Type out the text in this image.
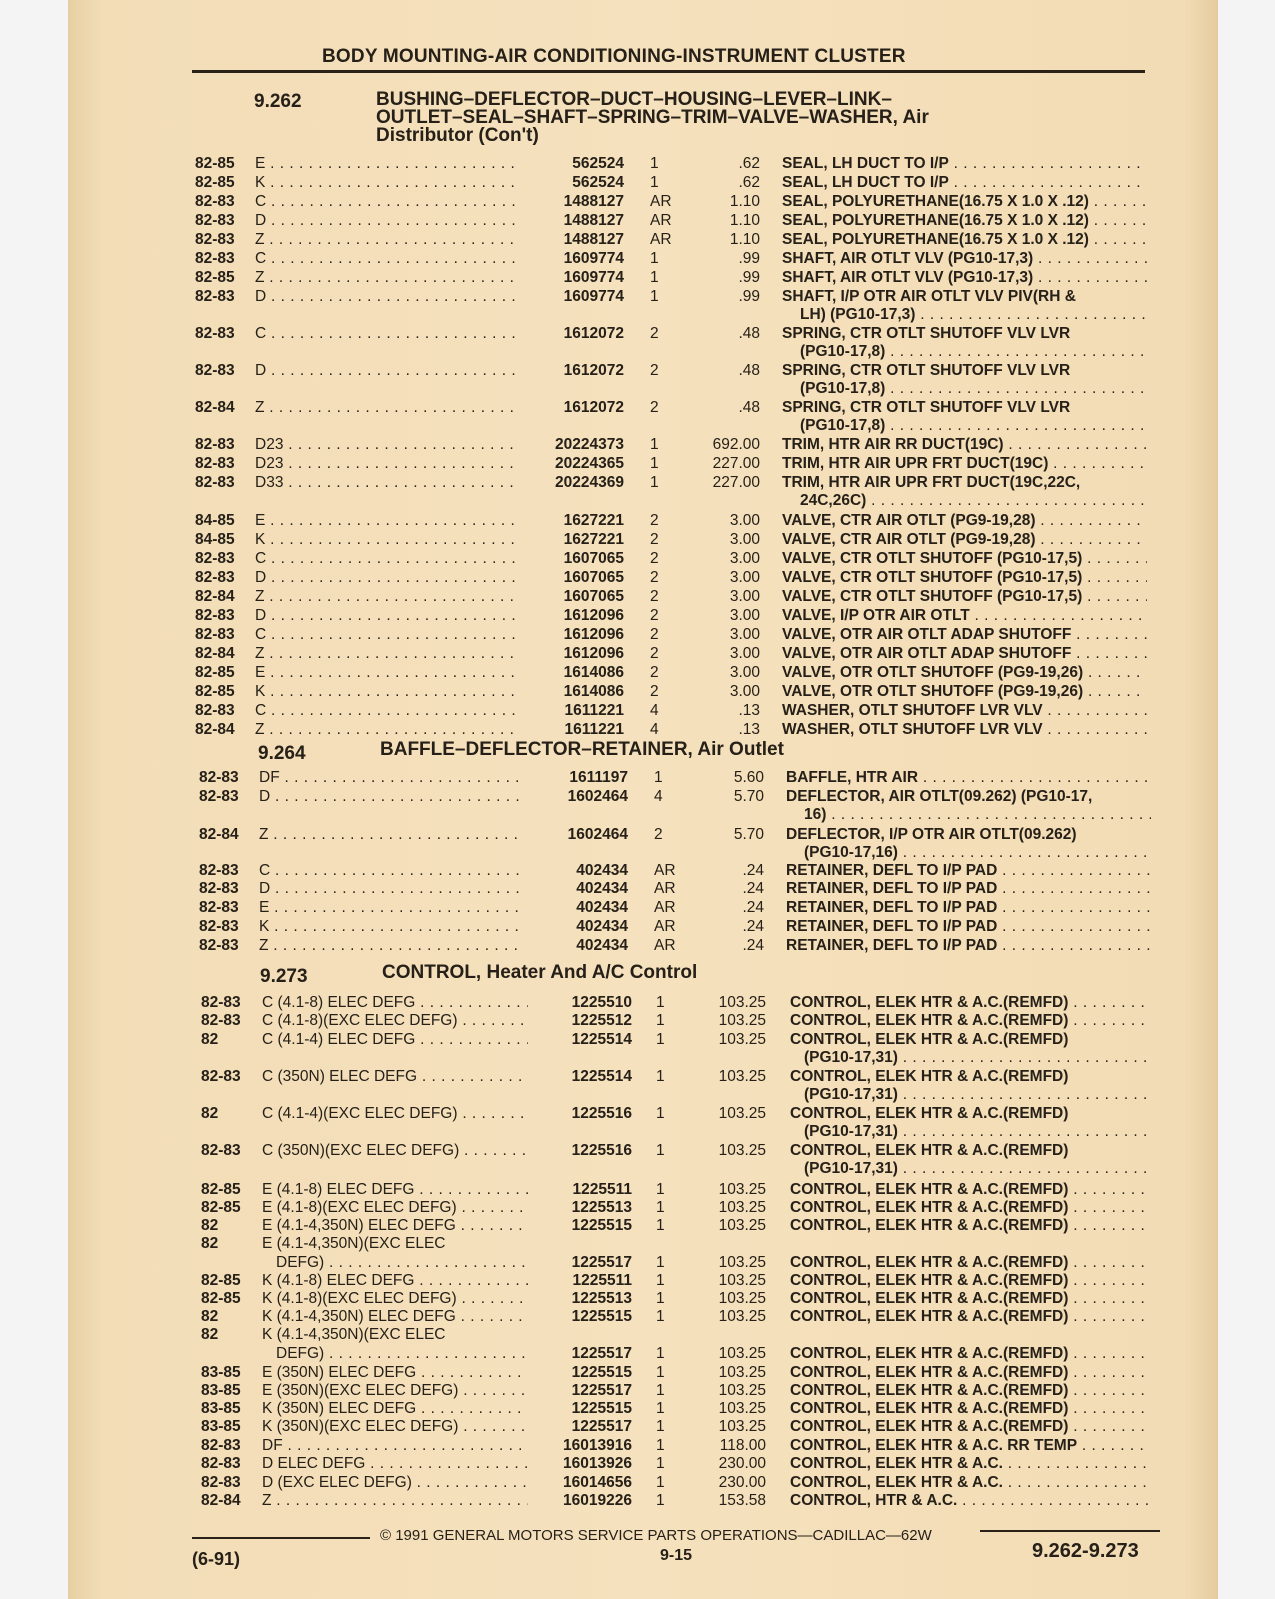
BODY MOUNTING-AIR CONDITIONING-INSTRUMENT CLUSTER
9.262	BUSHING–DEFLECTOR–DUCT–HOUSING–LEVER–LINK–
OUTLET–SEAL–SHAFT–SPRING–TRIM–VALVE–WASHER, Air
Distributor (Con't)
9.264	BAFFLE–DEFLECTOR–RETAINER, Air Outlet
9.273	CONTROL, Heater And A/C Control
82-85 E . . .	562524 1	.62 SEAL, LH DUCT TO I/P . . .
82-85 K . . .	562524 1	.62 SEAL, LH DUCT TO I/P . . .
82-83 C . . .	1488127 AR	1.10 SEAL, POLYURETHANE(16.75 X 1.0 X .12) . . .
82-83 D . . .	1488127 AR	1.10 SEAL, POLYURETHANE(16.75 X 1.0 X .12) . . .
82-83 Z . . .	1488127 AR	1.10 SEAL, POLYURETHANE(16.75 X 1.0 X .12) . . .
82-83 C . . .	1609774 1	.99 SHAFT, AIR OTLT VLV (PG10-17,3) . . .
82-85 Z . . .	1609774 1	.99 SHAFT, AIR OTLT VLV (PG10-17,3) . . .
82-83 D . . .	1609774 1	.99 SHAFT, I/P OTR AIR OTLT VLV PIV(RH &
LH) (PG10-17,3) . . .
82-83 C . . .	1612072 2	.48 SPRING, CTR OTLT SHUTOFF VLV LVR
(PG10-17,8) . . .
82-83 D . . .	1612072 2	.48 SPRING, CTR OTLT SHUTOFF VLV LVR
(PG10-17,8) . . .
82-84 Z . . .	1612072 2	.48 SPRING, CTR OTLT SHUTOFF VLV LVR
(PG10-17,8) . . .
82-83 D23 . . .	20224373 1	692.00 TRIM, HTR AIR RR DUCT(19C) . . .
82-83 D23 . . .	20224365 1	227.00 TRIM, HTR AIR UPR FRT DUCT(19C) . . .
82-83 D33 . . .	20224369 1	227.00 TRIM, HTR AIR UPR FRT DUCT(19C,22C,
24C,26C) . . .
84-85 E . . .	1627221 2	3.00 VALVE, CTR AIR OTLT (PG9-19,28) . . .
84-85 K . . .	1627221 2	3.00 VALVE, CTR AIR OTLT (PG9-19,28) . . .
82-83 C . . .	1607065 2	3.00 VALVE, CTR OTLT SHUTOFF (PG10-17,5) . . .
82-83 D . . .	1607065 2	3.00 VALVE, CTR OTLT SHUTOFF (PG10-17,5) . . .
82-84 Z . . .	1607065 2	3.00 VALVE, CTR OTLT SHUTOFF (PG10-17,5) . . .
82-83 D . . .	1612096 2	3.00 VALVE, I/P OTR AIR OTLT . . .
82-83 C . . .	1612096 2	3.00 VALVE, OTR AIR OTLT ADAP SHUTOFF . . .
82-84 Z . . .	1612096 2	3.00 VALVE, OTR AIR OTLT ADAP SHUTOFF . . .
82-85 E . . .	1614086 2	3.00 VALVE, OTR OTLT SHUTOFF (PG9-19,26) . . .
82-85 K . . .	1614086 2	3.00 VALVE, OTR OTLT SHUTOFF (PG9-19,26) . . .
82-83 C . . .	1611221 4	.13 WASHER, OTLT SHUTOFF LVR VLV . . .
82-84 Z . . .	1611221 4	.13 WASHER, OTLT SHUTOFF LVR VLV . . .
82-83 DF . . .	1611197 1	5.60 BAFFLE, HTR AIR . . .
82-83 D . . .	1602464 4	5.70 DEFLECTOR, AIR OTLT(09.262) (PG10-17,
16) . . .
82-84 Z . . .	1602464 2	5.70 DEFLECTOR, I/P OTR AIR OTLT(09.262)
(PG10-17,16) . . .
82-83 C . . .	402434 AR	.24 RETAINER, DEFL TO I/P PAD . . .
82-83 D . . .	402434 AR	.24 RETAINER, DEFL TO I/P PAD . . .
82-83 E . . .	402434 AR	.24 RETAINER, DEFL TO I/P PAD . . .
82-83 K . . .	402434 AR	.24 RETAINER, DEFL TO I/P PAD . . .
82-83 Z . . .	402434 AR	.24 RETAINER, DEFL TO I/P PAD . . .
82-83 C (4.1-8) ELEC DEFG . . .	1225510 1	103.25 CONTROL, ELEK HTR & A.C.(REMFD) . . .
82-83 C (4.1-8)(EXC ELEC DEFG) . . .	1225512 1	103.25 CONTROL, ELEK HTR & A.C.(REMFD) . . .
82	C (4.1-4) ELEC DEFG . . .	1225514 1	103.25 CONTROL, ELEK HTR & A.C.(REMFD)
(PG10-17,31) . . .
82-83 C (350N) ELEC DEFG . . .	1225514 1	103.25 CONTROL, ELEK HTR & A.C.(REMFD)
(PG10-17,31) . . .
82	C (4.1-4)(EXC ELEC DEFG) . . .	1225516 1	103.25 CONTROL, ELEK HTR & A.C.(REMFD)
(PG10-17,31) . . .
82-83 C (350N)(EXC ELEC DEFG) . . .	1225516 1	103.25 CONTROL, ELEK HTR & A.C.(REMFD)
(PG10-17,31) . . .
82-85 E (4.1-8) ELEC DEFG . . .	1225511 1	103.25 CONTROL, ELEK HTR & A.C.(REMFD) . . .
82-85 E (4.1-8)(EXC ELEC DEFG) . . .	1225513 1	103.25 CONTROL, ELEK HTR & A.C.(REMFD) . . .
82	E (4.1-4,350N) ELEC DEFG . . .	1225515 1	103.25 CONTROL, ELEK HTR & A.C.(REMFD) . . .
82	E (4.1-4,350N)(EXC ELEC
DEFG) . . .	1225517 1	103.25 CONTROL, ELEK HTR & A.C.(REMFD) . . .
82-85 K (4.1-8) ELEC DEFG . . .	1225511 1	103.25 CONTROL, ELEK HTR & A.C.(REMFD) . . .
82-85 K (4.1-8)(EXC ELEC DEFG) . . .	1225513 1	103.25 CONTROL, ELEK HTR & A.C.(REMFD) . . .
82	K (4.1-4,350N) ELEC DEFG . . .	1225515 1	103.25 CONTROL, ELEK HTR & A.C.(REMFD) . . .
82	K (4.1-4,350N)(EXC ELEC
DEFG) . . .	1225517 1	103.25 CONTROL, ELEK HTR & A.C.(REMFD) . . .
83-85 E (350N) ELEC DEFG . . .	1225515 1	103.25 CONTROL, ELEK HTR & A.C.(REMFD) . . .
83-85 E (350N)(EXC ELEC DEFG) . . .	1225517 1	103.25 CONTROL, ELEK HTR & A.C.(REMFD) . . .
83-85 K (350N) ELEC DEFG . . .	1225515 1	103.25 CONTROL, ELEK HTR & A.C.(REMFD) . . .
83-85 K (350N)(EXC ELEC DEFG) . . .	1225517 1	103.25 CONTROL, ELEK HTR & A.C.(REMFD) . . .
82-83 DF . . .	16013916 1	118.00 CONTROL, ELEK HTR & A.C. RR TEMP . . .
82-83 D ELEC DEFG . . .	16013926 1	230.00 CONTROL, ELEK HTR & A.C. . . .
82-83 D (EXC ELEC DEFG) . . .	16014656 1	230.00 CONTROL, ELEK HTR & A.C. . . .
82-84 Z . . .	16019226 1	153.58 CONTROL, HTR & A.C. . . .
© 1991 GENERAL MOTORS SERVICE PARTS OPERATIONS—CADILLAC—62W
(6-91)	9-15	9.262-9.273
